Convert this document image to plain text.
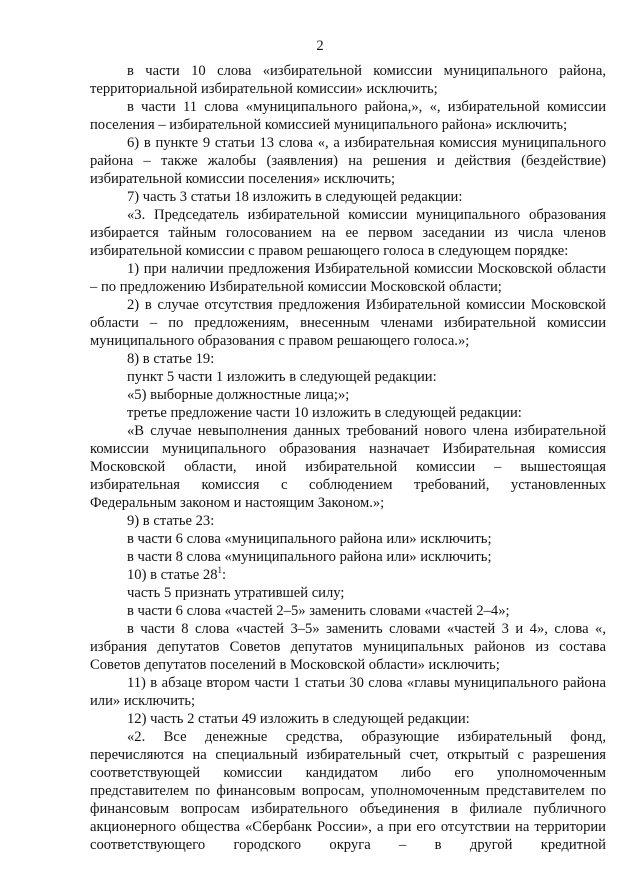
2

в части 10 слова «избирательной комиссии муниципального района, территориальной избирательной комиссии» исключить;

в части 11 слова «муниципального района,», «, избирательной комиссии поселения – избирательной комиссией муниципального района» исключить;

6) в пункте 9 статьи 13 слова «, а избирательная комиссия муниципального района – также жалобы (заявления) на решения и действия (бездействие) избирательной комиссии поселения» исключить;

7) часть 3 статьи 18 изложить в следующей редакции:

«3. Председатель избирательной комиссии муниципального образования избирается тайным голосованием на ее первом заседании из числа членов избирательной комиссии с правом решающего голоса в следующем порядке:

1) при наличии предложения Избирательной комиссии Московской области – по предложению Избирательной комиссии Московской области;

2) в случае отсутствия предложения Избирательной комиссии Московской области – по предложениям, внесенным членами избирательной комиссии муниципального образования с правом решающего голоса.»;

8) в статье 19:

пункт 5 части 1 изложить в следующей редакции:

«5) выборные должностные лица;»;

третье предложение части 10 изложить в следующей редакции:

«В случае невыполнения данных требований нового члена избирательной комиссии муниципального образования назначает Избирательная комиссия Московской области, иной избирательной комиссии – вышестоящая избирательная комиссия с соблюдением требований, установленных Федеральным законом и настоящим Законом.»;

9) в статье 23:

в части 6 слова «муниципального района или» исключить;

в части 8 слова «муниципального района или» исключить;

10) в статье $28^1$:

часть 5 признать утратившей силу;

в части 6 слова «частей 2–5» заменить словами «частей 2–4»;

в части 8 слова «частей 3–5» заменить словами «частей 3 и 4», слова «, избрания депутатов Советов депутатов муниципальных районов из состава Советов депутатов поселений в Московской области» исключить;

11) в абзаце втором части 1 статьи 30 слова «главы муниципального района или» исключить;

12) часть 2 статьи 49 изложить в следующей редакции:

«2. Все денежные средства, образующие избирательный фонд, перечисляются на специальный избирательный счет, открытый с разрешения соответствующей комиссии кандидатом либо его уполномоченным представителем по финансовым вопросам, уполномоченным представителем по финансовым вопросам избирательного объединения в филиале публичного акционерного общества «Сбербанк России», а при его отсутствии на территории соответствующего городского округа – в другой кредитной
